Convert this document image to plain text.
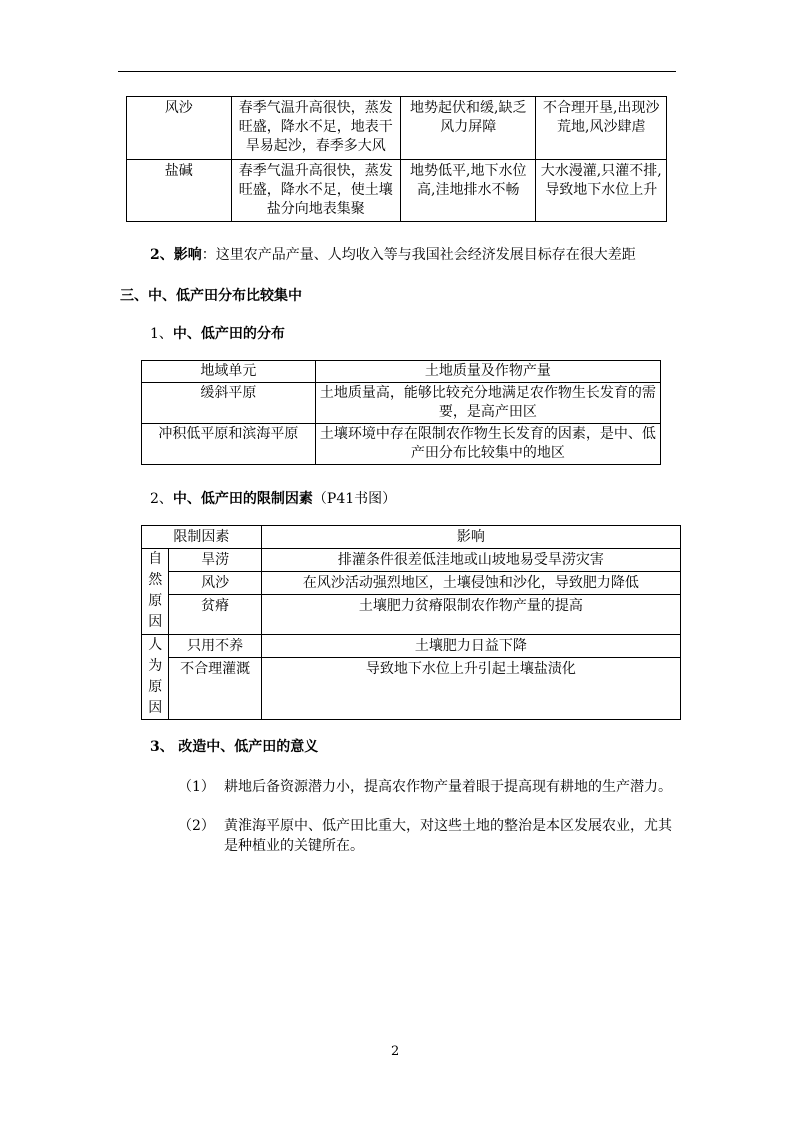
风沙	春季气温升高很快，蒸发旺盛，降水不足，地表干旱易起沙，春季多大风	地势起伏和缓,缺乏风力屏障	不合理开垦,出现沙荒地,风沙肆虐
盐碱	春季气温升高很快，蒸发旺盛，降水不足，使土壤盐分向地表集聚	地势低平,地下水位高,洼地排水不畅	大水漫灌,只灌不排,导致地下水位上升
2、影响：这里农产品产量、人均收入等与我国社会经济发展目标存在很大差距
三、中、低产田分布比较集中
1、中、低产田的分布
地域单元	土地质量及作物产量
缓斜平原	土地质量高，能够比较充分地满足农作物生长发育的需要，是高产田区
冲积低平原和滨海平原	土壤环境中存在限制农作物生长发育的因素，是中、低产田分布比较集中的地区
2、中、低产田的限制因素（P41书图）
限制因素		影响

自
然
原
因	旱涝	排灌条件很差低洼地或山坡地易受旱涝灾害
	风沙	在风沙活动强烈地区，土壤侵蚀和沙化，导致肥力降低
	贫瘠	土壤肥力贫瘠限制农作物产量的提高

人
为
原
因	只用不养	土壤肥力日益下降
	不合理灌溉	导致地下水位上升引起土壤盐渍化
3、 改造中、低产田的意义
（1） 耕地后备资源潜力小，提高农作物产量着眼于提高现有耕地的生产潜力。
（2） 黄淮海平原中、低产田比重大，对这些土地的整治是本区发展农业，尤其
是种植业的关键所在。
2
